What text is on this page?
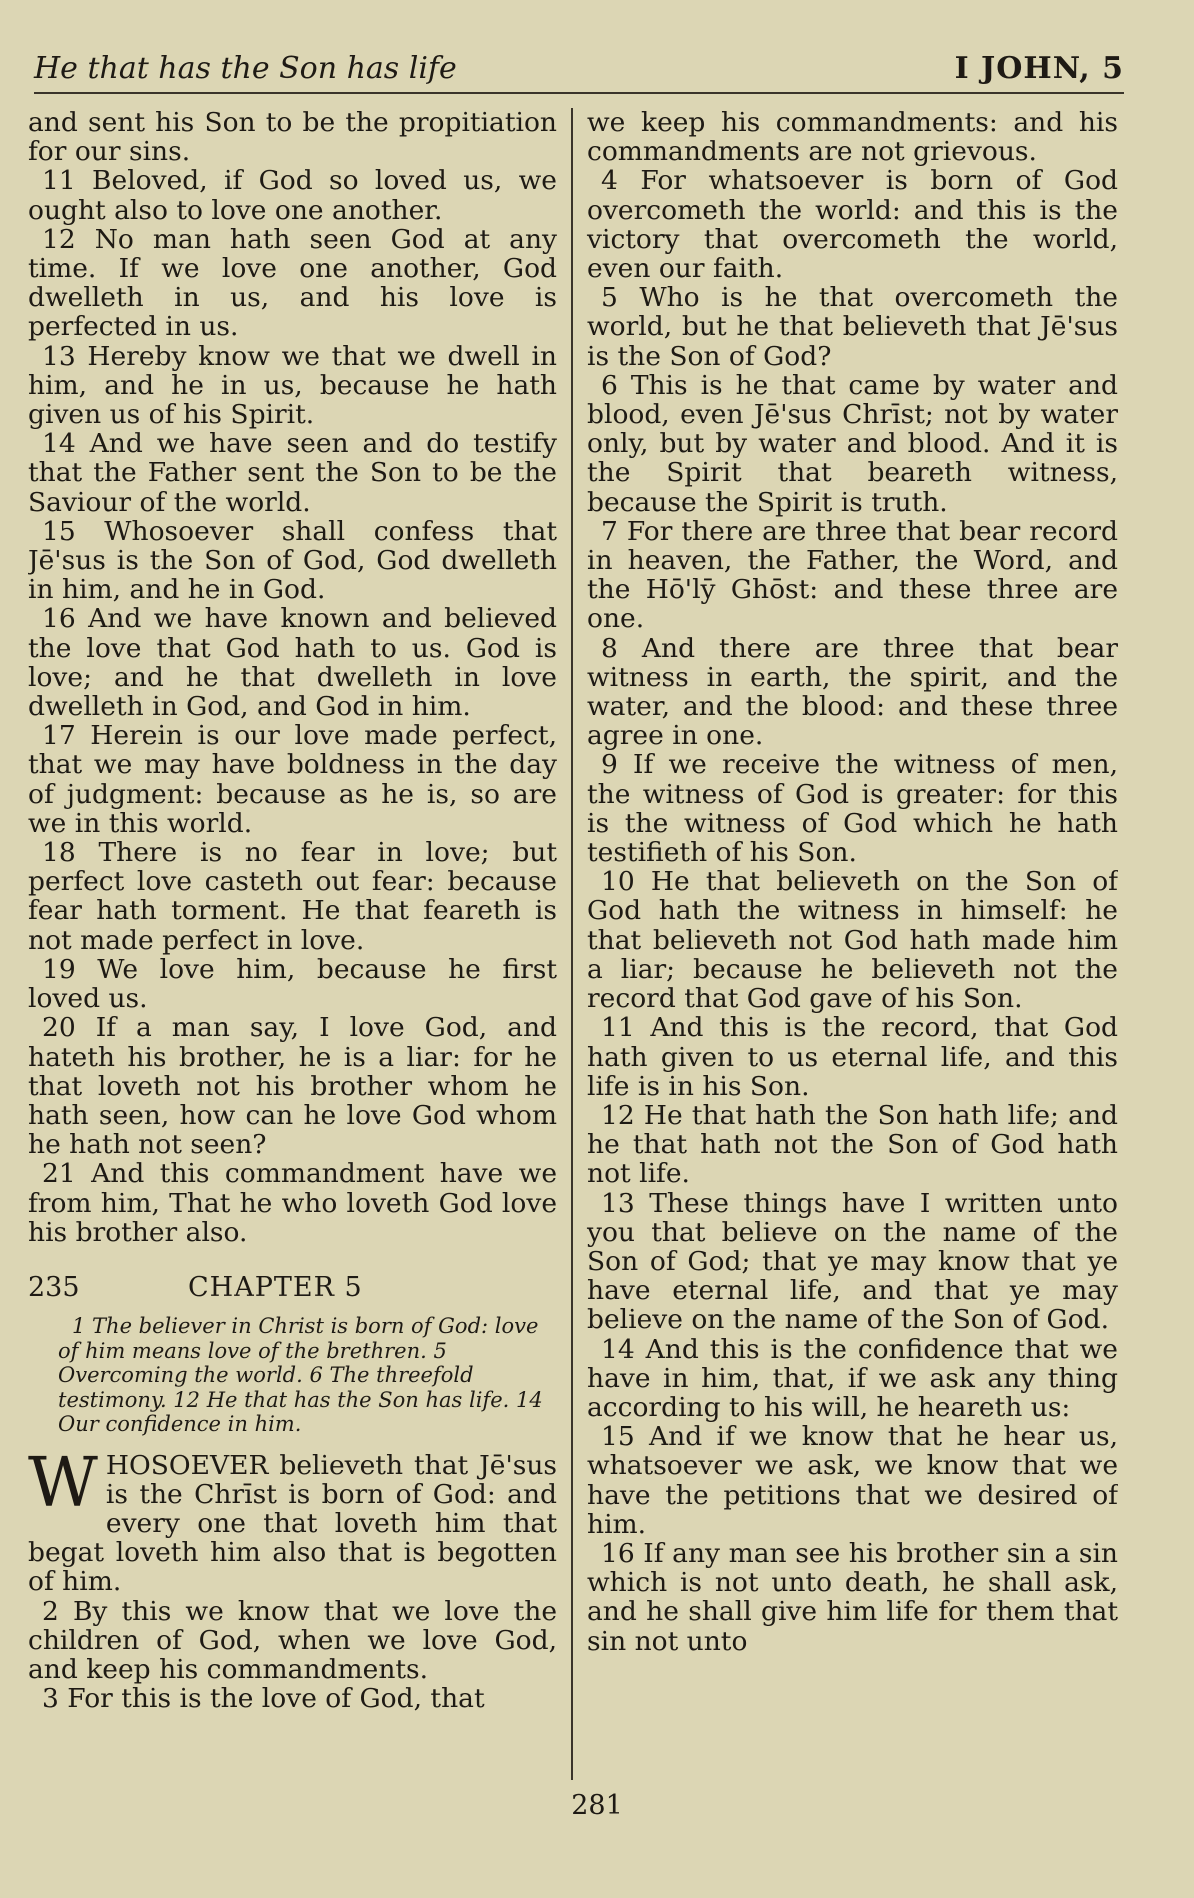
He that has the Son has life	I JOHN, 5

and sent his Son to be the propitiation for our sins.

11 Beloved, if God so loved us, we ought also to love one another.

12 No man hath seen God at any time. If we love one another, God dwelleth in us, and his love is perfected in us.

13 Hereby know we that we dwell in him, and he in us, because he hath given us of his Spirit.

14 And we have seen and do testify that the Father sent the Son to be the Saviour of the world.

15 Whosoever shall confess that Jē'sus is the Son of God, God dwelleth in him, and he in God.

16 And we have known and believed the love that God hath to us. God is love; and he that dwelleth in love dwelleth in God, and God in him.

17 Herein is our love made perfect, that we may have boldness in the day of judgment: because as he is, so are we in this world.

18 There is no fear in love; but perfect love casteth out fear: because fear hath torment. He that feareth is not made perfect in love.

19 We love him, because he first loved us.

20 If a man say, I love God, and hateth his brother, he is a liar: for he that loveth not his brother whom he hath seen, how can he love God whom he hath not seen?

21 And this commandment have we from him, That he who loveth God love his brother also.

235	CHAPTER 5

1 The believer in Christ is born of God: love of him means love of the brethren. 5 Overcoming the world. 6 The threefold testimony. 12 He that has the Son has life. 14 Our confidence in him.

WHOSOEVER believeth that Jē'sus is the Chrīst is born of God: and every one that loveth him that begat loveth him also that is begotten of him.

2 By this we know that we love the children of God, when we love God, and keep his commandments.

3 For this is the love of God, that

we keep his commandments: and his commandments are not grievous.

4 For whatsoever is born of God overcometh the world: and this is the victory that overcometh the world, even our faith.

5 Who is he that overcometh the world, but he that believeth that Jē'sus is the Son of God?

6 This is he that came by water and blood, even Jē'sus Chrīst; not by water only, but by water and blood. And it is the Spirit that beareth witness, because the Spirit is truth.

7 For there are three that bear record in heaven, the Father, the Word, and the Hō'lȳ Ghōst: and these three are one.

8 And there are three that bear witness in earth, the spirit, and the water, and the blood: and these three agree in one.

9 If we receive the witness of men, the witness of God is greater: for this is the witness of God which he hath testifieth of his Son.

10 He that believeth on the Son of God hath the witness in himself: he that believeth not God hath made him a liar; because he believeth not the record that God gave of his Son.

11 And this is the record, that God hath given to us eternal life, and this life is in his Son.

12 He that hath the Son hath life; and he that hath not the Son of God hath not life.

13 These things have I written unto you that believe on the name of the Son of God; that ye may know that ye have eternal life, and that ye may believe on the name of the Son of God.

14 And this is the confidence that we have in him, that, if we ask any thing according to his will, he heareth us:

15 And if we know that he hear us, whatsoever we ask, we know that we have the petitions that we desired of him.

16 If any man see his brother sin a sin which is not unto death, he shall ask, and he shall give him life for them that sin not unto

281
